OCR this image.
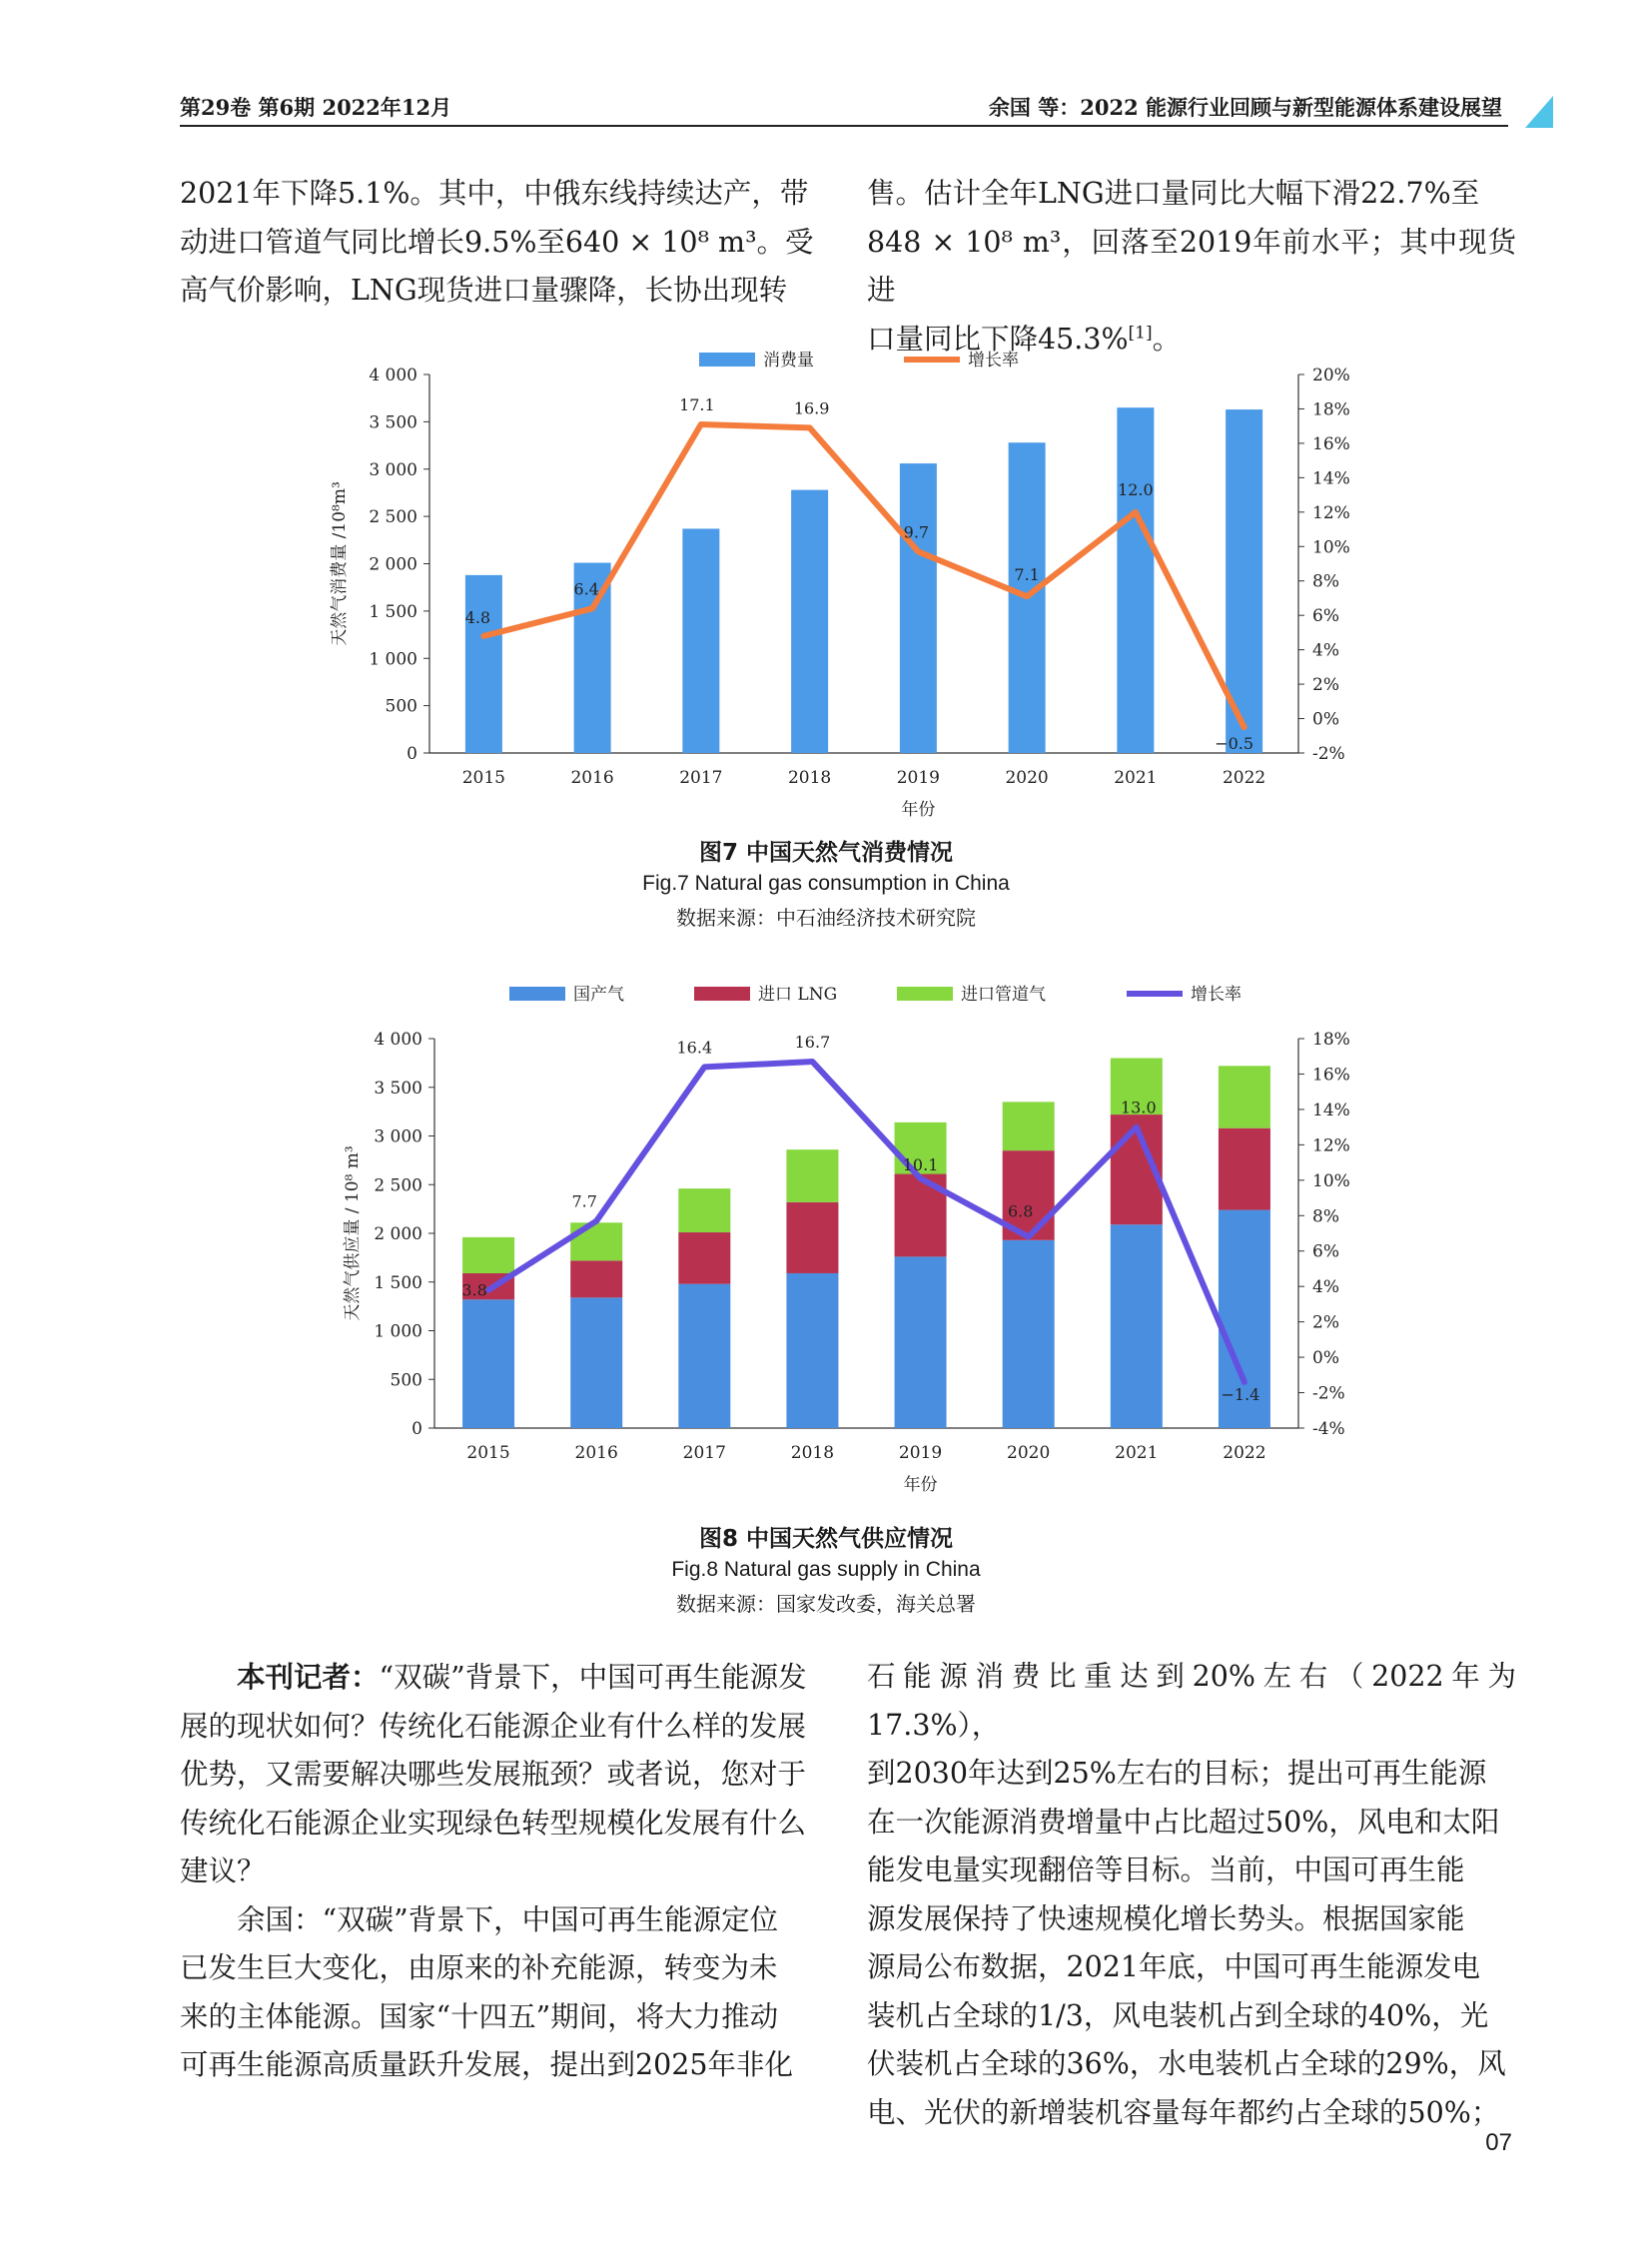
第29卷 第6期 2022年12月	余国 等：2022 能源行业回顾与新型能源体系建设展望

2021年下降5.1%。其中，中俄东线持续达产，带

动进口管道气同比增长9.5%至640 × 10⁸ m³。受

高气价影响，LNG现货进口量骤降，长协出现转

售。估计全年LNG进口量同比大幅下滑22.7%至

848 × 10⁸ m³，回落至2019年前水平；其中现货进

口量同比下降45.3%[1]。

消费量	增长率
0
500
1 000
1 500
2 000
2 500
3 000
3 500
4 000
-2%
0%
2%
4%
6%
8%
10%
12%
14%
16%
18%
20%
2015	2016	2017	2018	2019	2020	2021	2022
4.8
6.4
17.1	16.9
9.7
7.1
12.0
−0.5
年份
天然气消费量 /10⁸m³
图7 中国天然气消费情况
Fig.7 Natural gas consumption in China
数据来源：中石油经济技术研究院
国产气	进口 LNG	进口管道气	增长率
0
500
1 000
1 500
2 000
2 500
3 000
3 500
4 000
-4%
-2%
0%
2%
4%
6%
8%
10%
12%
14%
16%
18%
2015	2016	2017	2018	2019	2020	2021	2022
3.8
7.7
16.4	16.7
10.1
6.8
13.0
−1.4
年份
天然气供应量 / 10⁸ m³
图8 中国天然气供应情况
Fig.8 Natural gas supply in China
数据来源：国家发改委，海关总署

本刊记者：“双碳”背景下，中国可再生能源发

展的现状如何？传统化石能源企业有什么样的发展

优势，又需要解决哪些发展瓶颈？或者说，您对于

传统化石能源企业实现绿色转型规模化发展有什么

建议？

余国：“双碳”背景下，中国可再生能源定位

已发生巨大变化，由原来的补充能源，转变为未

来的主体能源。国家“十四五”期间，将大力推动

可再生能源高质量跃升发展，提出到2025年非化

石能源消费比重达到20%左右（2022年为17.3%），

到2030年达到25%左右的目标；提出可再生能源

在一次能源消费增量中占比超过50%，风电和太阳

能发电量实现翻倍等目标。当前，中国可再生能

源发展保持了快速规模化增长势头。根据国家能

源局公布数据，2021年底，中国可再生能源发电

装机占全球的1/3，风电装机占到全球的40%，光

伏装机占全球的36%，水电装机占全球的29%，风

电、光伏的新增装机容量每年都约占全球的50%；

07
